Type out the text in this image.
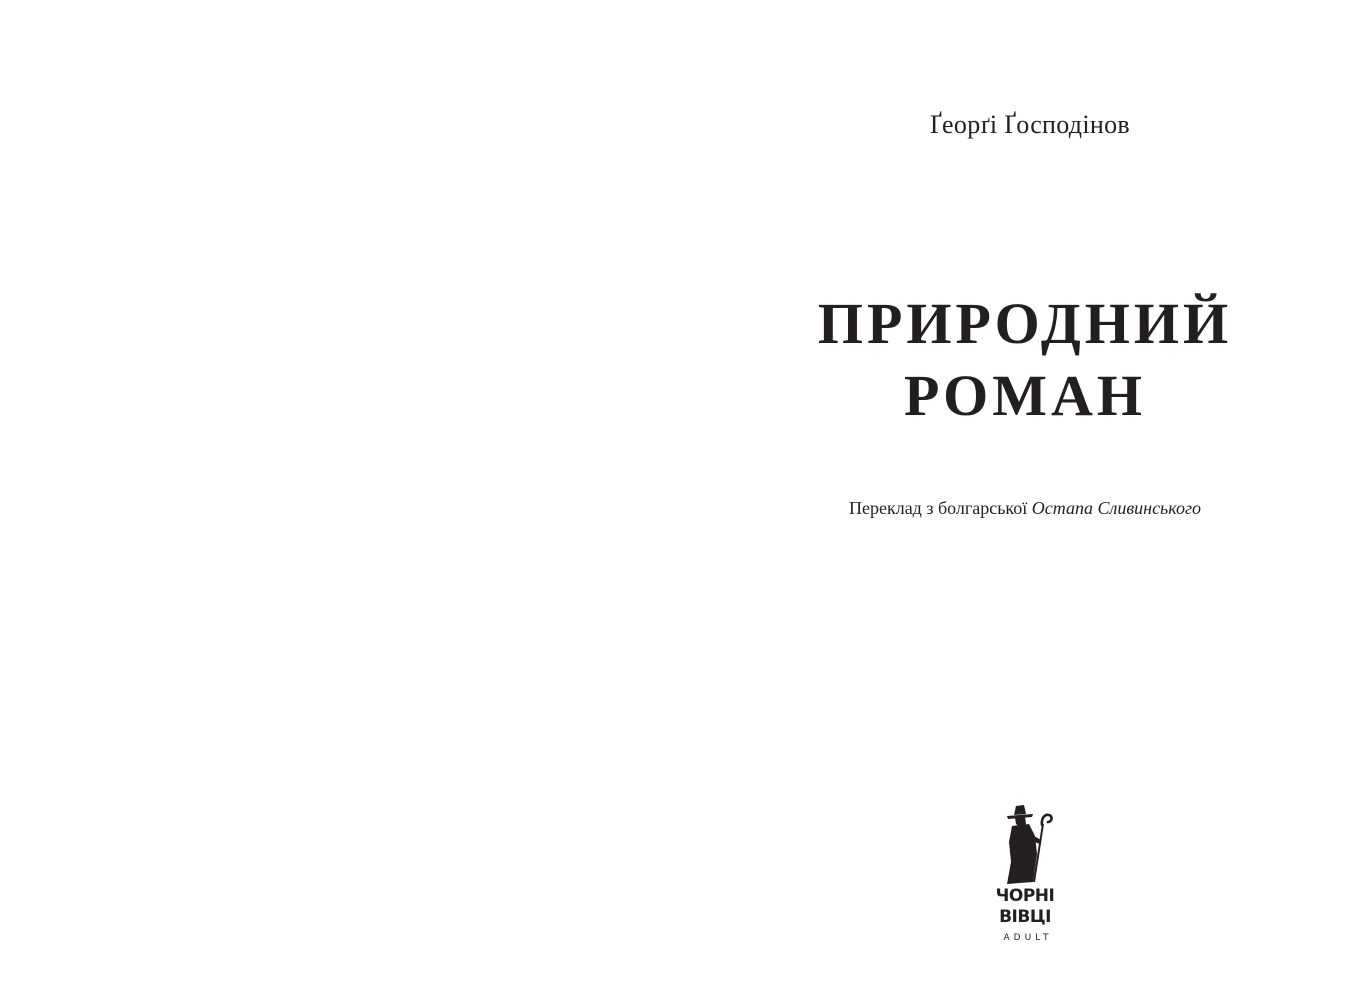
Ґеорґі Ґосподінов
ПРИРОДНИЙ
РОМАН
Переклад з болгарської Остапа Сливинського
ЧОРНІ
ВІВЦІ
ADULT
